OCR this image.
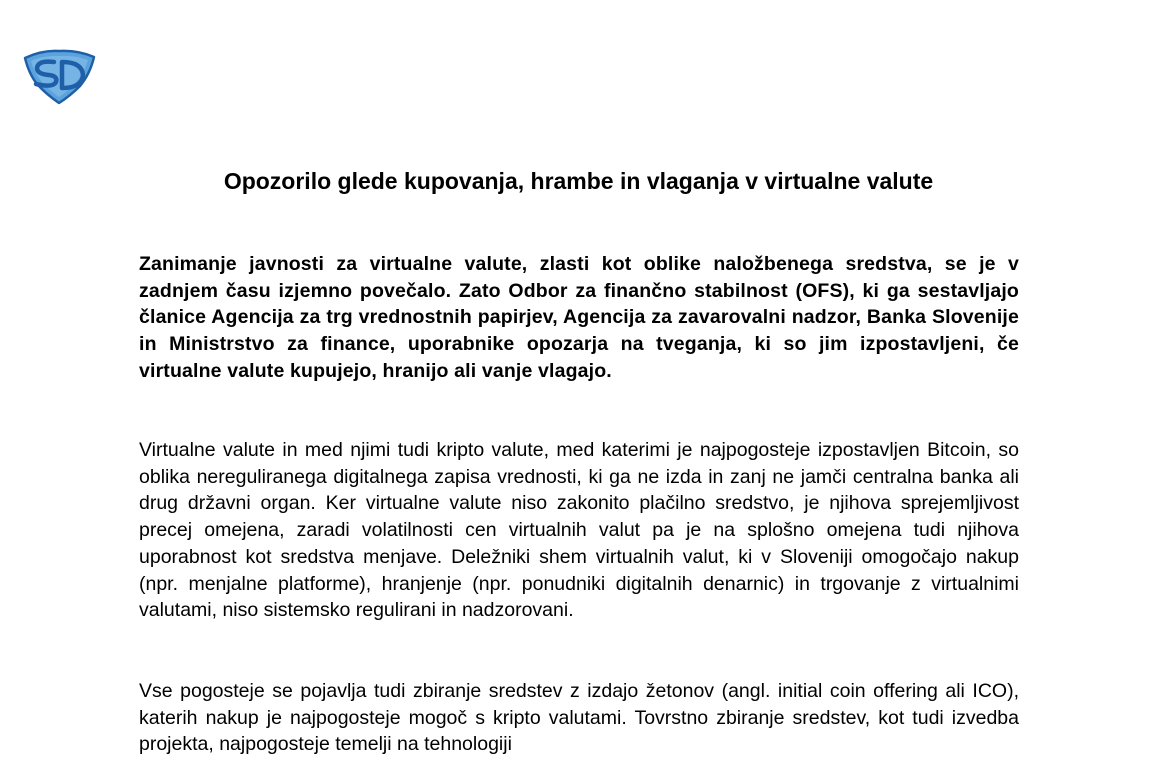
Opozorilo glede kupovanja, hrambe in vlaganja v virtualne valute

Zanimanje javnosti za virtualne valute, zlasti kot oblike naložbenega sredstva, se je v zadnjem času izjemno povečalo. Zato Odbor za finančno stabilnost (OFS), ki ga sestavljajo članice Agencija za trg vrednostnih papirjev, Agencija za zavarovalni nadzor, Banka Slovenije in Ministrstvo za finance, uporabnike opozarja na tveganja, ki so jim izpostavljeni, če virtualne valute kupujejo, hranijo ali vanje vlagajo.

Virtualne valute in med njimi tudi kripto valute, med katerimi je najpogosteje izpostavljen Bitcoin, so oblika nereguliranega digitalnega zapisa vrednosti, ki ga ne izda in zanj ne jamči centralna banka ali drug državni organ. Ker virtualne valute niso zakonito plačilno sredstvo, je njihova sprejemljivost precej omejena, zaradi volatilnosti cen virtualnih valut pa je na splošno omejena tudi njihova uporabnost kot sredstva menjave. Deležniki shem virtualnih valut, ki v Sloveniji omogočajo nakup (npr. menjalne platforme), hranjenje (npr. ponudniki digitalnih denarnic) in trgovanje z virtualnimi valutami, niso sistemsko regulirani in nadzorovani.

Vse pogosteje se pojavlja tudi zbiranje sredstev z izdajo žetonov (angl. initial coin offering ali ICO), katerih nakup je najpogosteje mogoč s kripto valutami. Tovrstno zbiranje sredstev, kot tudi izvedba projekta, najpogosteje temelji na tehnologiji
